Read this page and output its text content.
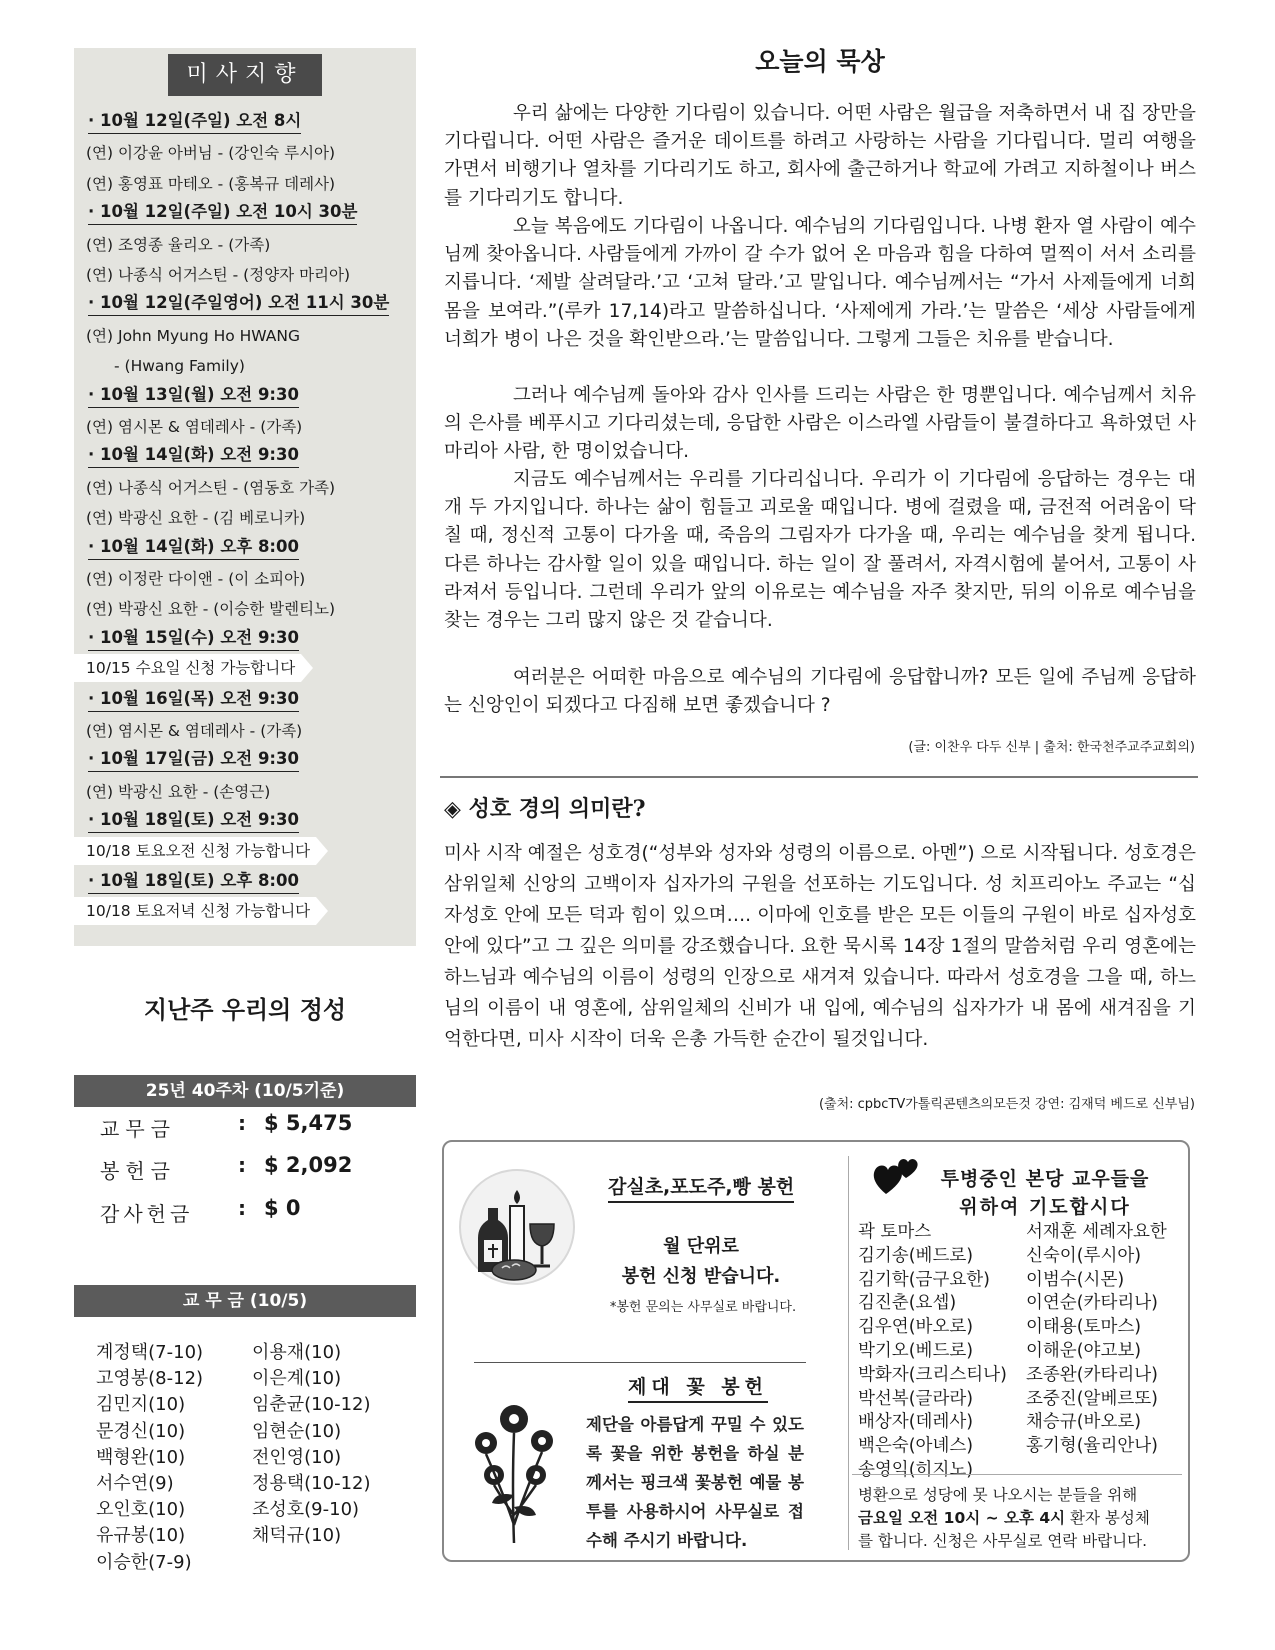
미사지향
· 10월 12일(주일) 오전 8시
(연) 이강윤 아버님 - (강인숙 루시아)
(연) 홍영표 마테오 - (홍복규 데레사)
· 10월 12일(주일) 오전 10시 30분
(연) 조영종 율리오 - (가족)
(연) 나종식 어거스틴 - (정양자 마리아)
· 10월 12일(주일영어) 오전 11시 30분
(연) John Myung Ho HWANG
- (Hwang Family)
· 10월 13일(월) 오전 9:30
(연) 염시몬 & 염데레사 - (가족)
· 10월 14일(화) 오전 9:30
(연) 나종식 어거스틴 - (염동호 가족)
(연) 박광신 요한 - (김 베로니카)
· 10월 14일(화) 오후 8:00
(연) 이정란 다이앤 - (이 소피아)
(연) 박광신 요한 - (이승한 발렌티노)
· 10월 15일(수) 오전 9:30
10/15 수요일 신청 가능합니다
· 10월 16일(목) 오전 9:30
(연) 염시몬 & 염데레사 - (가족)
· 10월 17일(금) 오전 9:30
(연) 박광신 요한 - (손영근)
· 10월 18일(토) 오전 9:30
10/18 토요오전 신청 가능합니다
· 10월 18일(토) 오후 8:00
10/18 토요저녁 신청 가능합니다
지난주 우리의 정성
25년 40주차 (10/5기준)
교무금	: $ 5,475
봉헌금	: $ 2,092
감사헌금	: $ 0
교 무 금 (10/5)
계정택(7-10)
고영봉(8-12)
김민지(10)
문경신(10)
백형완(10)
서수연(9)
오인호(10)
유규봉(10)
이승한(7-9)
이용재(10)
이은계(10)
임춘균(10-12)
임현순(10)
전인영(10)
정용택(10-12)
조성호(9-10)
채덕규(10)
오늘의 묵상

우리 삶에는 다양한 기다림이 있습니다. 어떤 사람은 월급을 저축하면서 내 집 장만을 기다립니다. 어떤 사람은 즐거운 데이트를 하려고 사랑하는 사람을 기다립니다. 멀리 여행을 가면서 비행기나 열차를 기다리기도 하고, 회사에 출근하거나 학교에 가려고 지하철이나 버스를 기다리기도 합니다.

오늘 복음에도 기다림이 나옵니다. 예수님의 기다림입니다. 나병 환자 열 사람이 예수님께 찾아옵니다. 사람들에게 가까이 갈 수가 없어 온 마음과 힘을 다하여 멀찍이 서서 소리를 지릅니다. ‘제발 살려달라.’고 ‘고쳐 달라.’고 말입니다. 예수님께서는 “가서 사제들에게 너희 몸을 보여라.”(루카 17,14)라고 말씀하십니다. ‘사제에게 가라.’는 말씀은 ‘세상 사람들에게 너희가 병이 나은 것을 확인받으라.’는 말씀입니다. 그렇게 그들은 치유를 받습니다.

그러나 예수님께 돌아와 감사 인사를 드리는 사람은 한 명뿐입니다. 예수님께서 치유의 은사를 베푸시고 기다리셨는데, 응답한 사람은 이스라엘 사람들이 불결하다고 욕하였던 사마리아 사람, 한 명이었습니다.

지금도 예수님께서는 우리를 기다리십니다. 우리가 이 기다림에 응답하는 경우는 대개 두 가지입니다. 하나는 삶이 힘들고 괴로울 때입니다. 병에 걸렸을 때, 금전적 어려움이 닥칠 때, 정신적 고통이 다가올 때, 죽음의 그림자가 다가올 때, 우리는 예수님을 찾게 됩니다. 다른 하나는 감사할 일이 있을 때입니다. 하는 일이 잘 풀려서, 자격시험에 붙어서, 고통이 사라져서 등입니다. 그런데 우리가 앞의 이유로는 예수님을 자주 찾지만, 뒤의 이유로 예수님을 찾는 경우는 그리 많지 않은 것 같습니다.

여러분은 어떠한 마음으로 예수님의 기다림에 응답합니까? 모든 일에 주님께 응답하는 신앙인이 되겠다고 다짐해 보면 좋겠습니다 ?

(글: 이찬우 다두 신부 | 출처: 한국천주교주교회의)
◈ 성호 경의 의미란?

미사 시작 예절은 성호경(“성부와 성자와 성령의 이름으로. 아멘”) 으로 시작됩니다. 성호경은 삼위일체 신앙의 고백이자 십자가의 구원을 선포하는 기도입니다. 성 치프리아노 주교는 “십자성호 안에 모든 덕과 힘이 있으며…. 이마에 인호를 받은 모든 이들의 구원이 바로 십자성호 안에 있다”고 그 깊은 의미를 강조했습니다. 요한 묵시록 14장 1절의 말씀처럼 우리 영혼에는 하느님과 예수님의 이름이 성령의 인장으로 새겨져 있습니다. 따라서 성호경을 그을 때, 하느님의 이름이 내 영혼에, 삼위일체의 신비가 내 입에, 예수님의 십자가가 내 몸에 새겨짐을 기억한다면, 미사 시작이 더욱 은총 가득한 순간이 될것입니다.

(출처: cpbcTV가톨릭콘텐츠의모든것 강연: 김재덕 베드로 신부님)
감실초,포도주,빵 봉헌
월 단위로
봉헌 신청 받습니다.
*봉헌 문의는 사무실로 바랍니다.
제대 꽃 봉헌
제단을 아름답게 꾸밀 수 있도록 꽃을 위한 봉헌을 하실 분께서는 핑크색 꽃봉헌 예물 봉투를 사용하시어 사무실로 접수해 주시기 바랍니다.
투병중인 본당 교우들을
위하여 기도합시다
곽 토마스
김기송(베드로)
김기학(금구요한)
김진춘(요셉)
김우연(바오로)
박기오(베드로)
박화자(크리스티나)
박선복(글라라)
배상자(데레사)
백은숙(아녜스)
송영익(히지노)
서재훈 세례자요한
신숙이(루시아)
이범수(시몬)
이연순(카타리나)
이태용(토마스)
이해운(야고보)
조종완(카타리나)
조중진(알베르또)
채승규(바오로)
홍기형(율리안나)
병환으로 성당에 못 나오시는 분들을 위해
금요일 오전 10시 ~ 오후 4시 환자 봉성체
를 합니다. 신청은 사무실로 연락 바랍니다.
